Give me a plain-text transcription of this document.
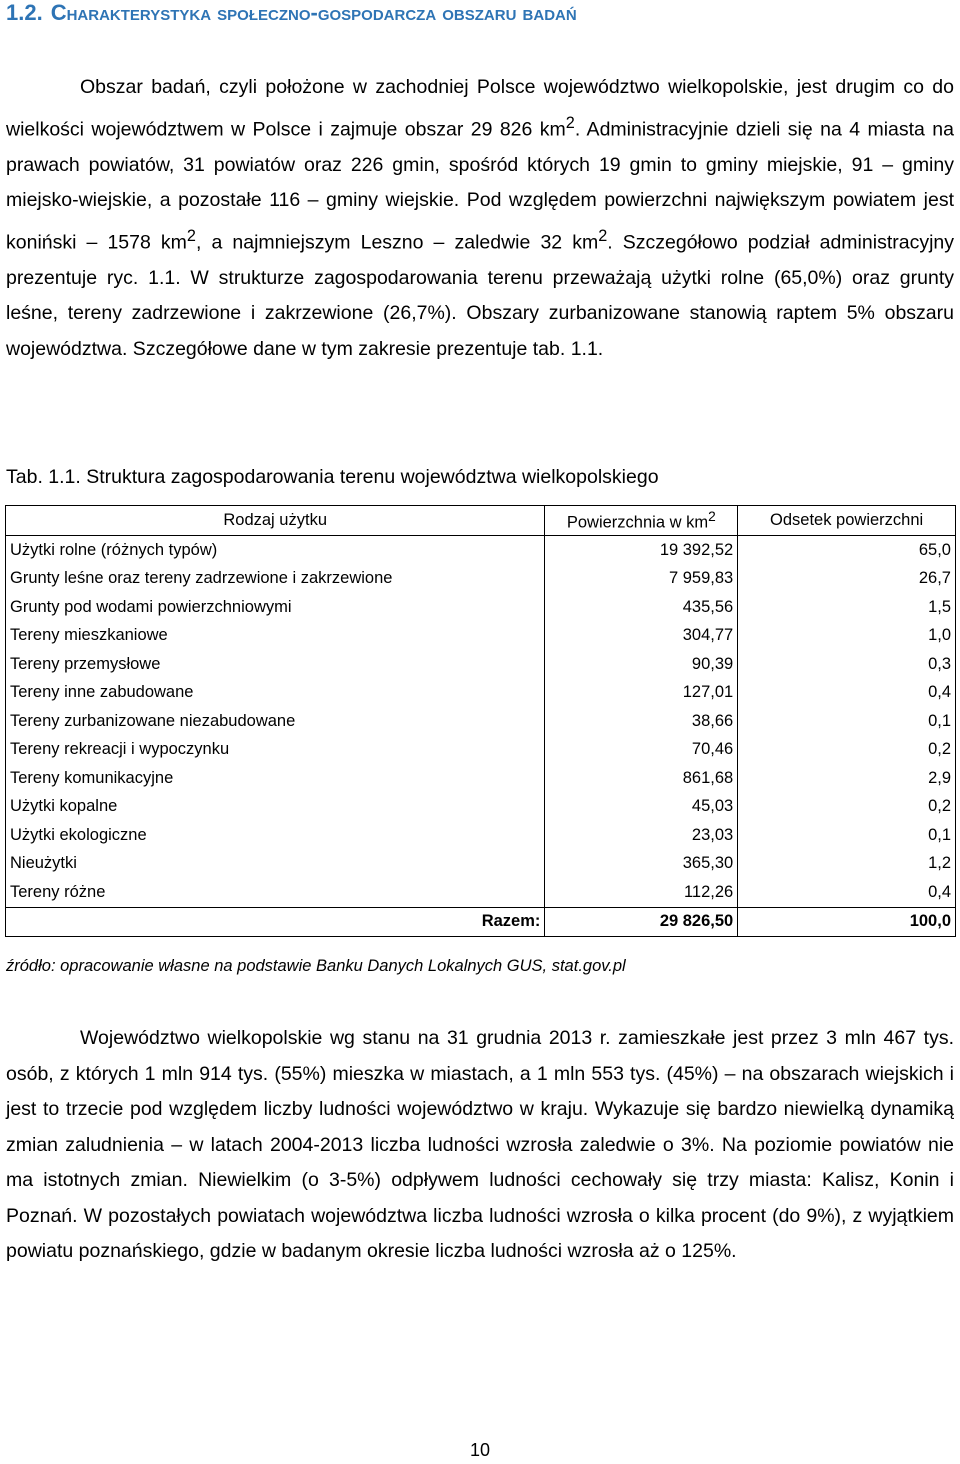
1.2. Charakterystyka społeczno-gospodarcza obszaru badań

Obszar badań, czyli położone w zachodniej Polsce województwo wielkopolskie, jest drugim co do wielkości województwem w Polsce i zajmuje obszar 29 826 $km^2$. Administracyjnie dzieli się na 4 miasta na prawach powiatów, 31 powiatów oraz 226 gmin, spośród których 19 gmin to gminy miejskie, 91 – gminy miejsko-wiejskie, a pozostałe 116 – gminy wiejskie. Pod względem powierzchni największym powiatem jest koniński – 1578 $km^2$, a najmniejszym Leszno – zaledwie 32 $km^2$. Szczegółowo podział administracyjny prezentuje ryc. 1.1. W strukturze zagospodarowania terenu przeważają użytki rolne (65,0%) oraz grunty leśne, tereny zadrzewione i zakrzewione (26,7%). Obszary zurbanizowane stanowią raptem 5% obszaru województwa. Szczegółowe dane w tym zakresie prezentuje tab. 1.1.

Tab. 1.1. Struktura zagospodarowania terenu województwa wielkopolskiego
Rodzaj użytku	Powierzchnia w $km^2$	Odsetek powierzchni
Użytki rolne (różnych typów)	19 392,52	65,0
Grunty leśne oraz tereny zadrzewione i zakrzewione	7 959,83	26,7
Grunty pod wodami powierzchniowymi	435,56	1,5
Tereny mieszkaniowe	304,77	1,0
Tereny przemysłowe	90,39	0,3
Tereny inne zabudowane	127,01	0,4
Tereny zurbanizowane niezabudowane	38,66	0,1
Tereny rekreacji i wypoczynku	70,46	0,2
Tereny komunikacyjne	861,68	2,9
Użytki kopalne	45,03	0,2
Użytki ekologiczne	23,03	0,1
Nieużytki	365,30	1,2
Tereny różne	112,26	0,4
Razem:	29 826,50	100,0
źródło: opracowanie własne na podstawie Banku Danych Lokalnych GUS, stat.gov.pl

Województwo wielkopolskie wg stanu na 31 grudnia 2013 r. zamieszkałe jest przez 3 mln 467 tys. osób, z których 1 mln 914 tys. (55%) mieszka w miastach, a 1 mln 553 tys. (45%) – na obszarach wiejskich i jest to trzecie pod względem liczby ludności województwo w kraju. Wykazuje się bardzo niewielką dynamiką zmian zaludnienia – w latach 2004-2013 liczba ludności wzrosła zaledwie o 3%. Na poziomie powiatów nie ma istotnych zmian. Niewielkim (o 3-5%) odpływem ludności cechowały się trzy miasta: Kalisz, Konin i Poznań. W pozostałych powiatach województwa liczba ludności wzrosła o kilka procent (do 9%), z wyjątkiem powiatu poznańskiego, gdzie w badanym okresie liczba ludności wzrosła aż o 125%.

10
